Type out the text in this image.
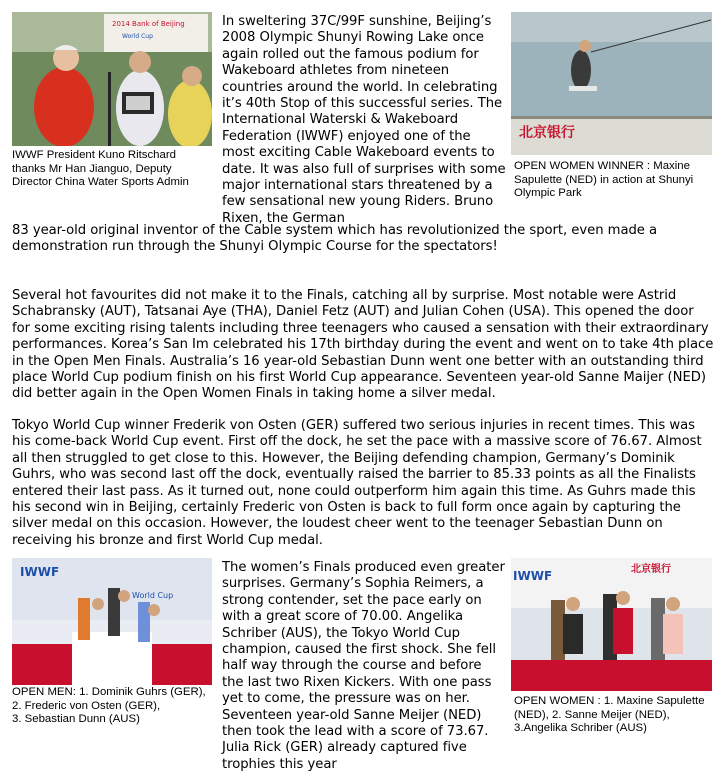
2014 Bank of Beijing
World Cup
IWWF President Kuno Ritschard
thanks Mr Han Jianguo, Deputy
Director China Water Sports Admin
北京银行
OPEN WOMEN WINNER : Maxine
Sapulette (NED) in action at Shunyi
Olympic Park

In sweltering 37C/99F sunshine, Beijing’s 2008 Olympic Shunyi Rowing Lake once again rolled out the famous podium for Wakeboard athletes from nineteen countries around the world. In celebrating it’s 40th Stop of this successful series. The International Waterski & Wakeboard Federation (IWWF) enjoyed one of the most exciting Cable Wakeboard events to date. It was also full of surprises with some major international stars threatened by a few sensational new young Riders. Bruno Rixen, the German

83 year-old original inventor of the Cable system which has revolutionized the sport, even made a demonstration run through the Shunyi Olympic Course for the spectators!

Several hot favourites did not make it to the Finals, catching all by surprise. Most notable were Astrid Schabransky (AUT), Tatsanai Aye (THA), Daniel Fetz (AUT) and Julian Cohen (USA). This opened the door for some exciting rising talents including three teenagers who caused a sensation with their extraordinary performances. Korea’s San Im celebrated his 17th birthday during the event and went on to take 4th place in the Open Men Finals. Australia’s 16 year-old Sebastian Dunn went one better with an outstanding third place World Cup podium finish on his first World Cup appearance. Seventeen year-old Sanne Maijer (NED) did better again in the Open Women Finals in taking home a silver medal.

Tokyo World Cup winner Frederik von Osten (GER) suffered two serious injuries in recent times. This was his come-back World Cup event. First off the dock, he set the pace with a massive score of 76.67. Almost all then struggled to get close to this. However, the Beijing defending champion, Germany’s Dominik Guhrs, who was second last off the dock, eventually raised the barrier to 85.33 points as all the Finalists entered their last pass. As it turned out, none could outperform him again this time. As Guhrs made this his second win in Beijing, certainly Frederic von Osten is back to full form once again by capturing the silver medal on this occasion. However, the loudest cheer went to the teenager Sebastian Dunn on receiving his bronze and first World Cup medal.

IWWF
World Cup
OPEN MEN: 1. Dominik Guhrs (GER),
2. Frederic von Osten (GER),
3. Sebastian Dunn (AUS)

The women’s Finals produced even greater surprises. Germany’s Sophia Reimers, a strong contender, set the pace early on with a great score of 70.00. Angelika Schriber (AUS), the Tokyo World Cup champion, caused the first shock. She fell half way through the course and before the last two Rixen Kickers. With one pass yet to come, the pressure was on her. Seventeen year-old Sanne Meijer (NED) then took the lead with a score of 73.67. Julia Rick (GER) already captured five trophies this year

IWWF	北京银行
OPEN WOMEN : 1. Maxine Sapulette
(NED), 2. Sanne Meijer (NED),
3.Angelika Schriber (AUS)
